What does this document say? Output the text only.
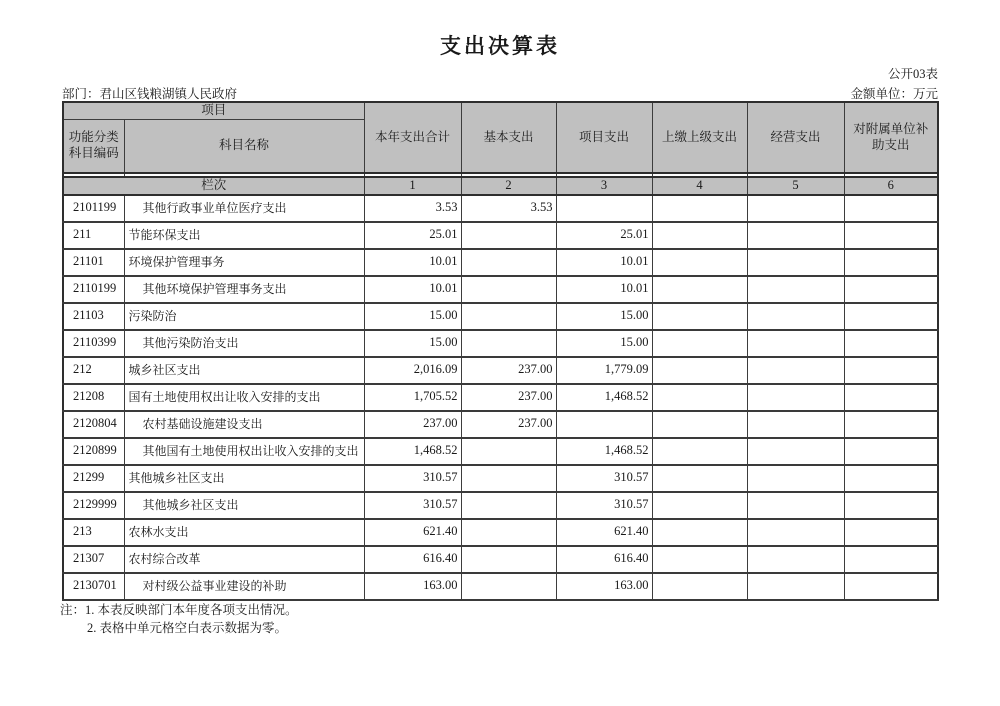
支出决算表
公开03表
部门：君山区钱粮湖镇人民政府	金额单位：万元
项目		本年支出合计	基本支出	项目支出	上缴上级支出	经营支出	对附属单位补助支出
功能分类科目编码	科目名称						

栏次		1	2	3	4	5	6
2101199	其他行政事业单位医疗支出	3.53	3.53				
211	节能环保支出	25.01		25.01			
21101	环境保护管理事务	10.01		10.01			
2110199	其他环境保护管理事务支出	10.01		10.01			
21103	污染防治	15.00		15.00			
2110399	其他污染防治支出	15.00		15.00			
212	城乡社区支出	2,016.09	237.00	1,779.09			
21208	国有土地使用权出让收入安排的支出	1,705.52	237.00	1,468.52			
2120804	农村基础设施建设支出	237.00	237.00				
2120899	其他国有土地使用权出让收入安排的支出	1,468.52		1,468.52			
21299	其他城乡社区支出	310.57		310.57			
2129999	其他城乡社区支出	310.57		310.57			
213	农林水支出	621.40		621.40			
21307	农村综合改革	616.40		616.40			
2130701	对村级公益事业建设的补助	163.00		163.00			
注：1. 本表反映部门本年度各项支出情况。
2. 表格中单元格空白表示数据为零。
